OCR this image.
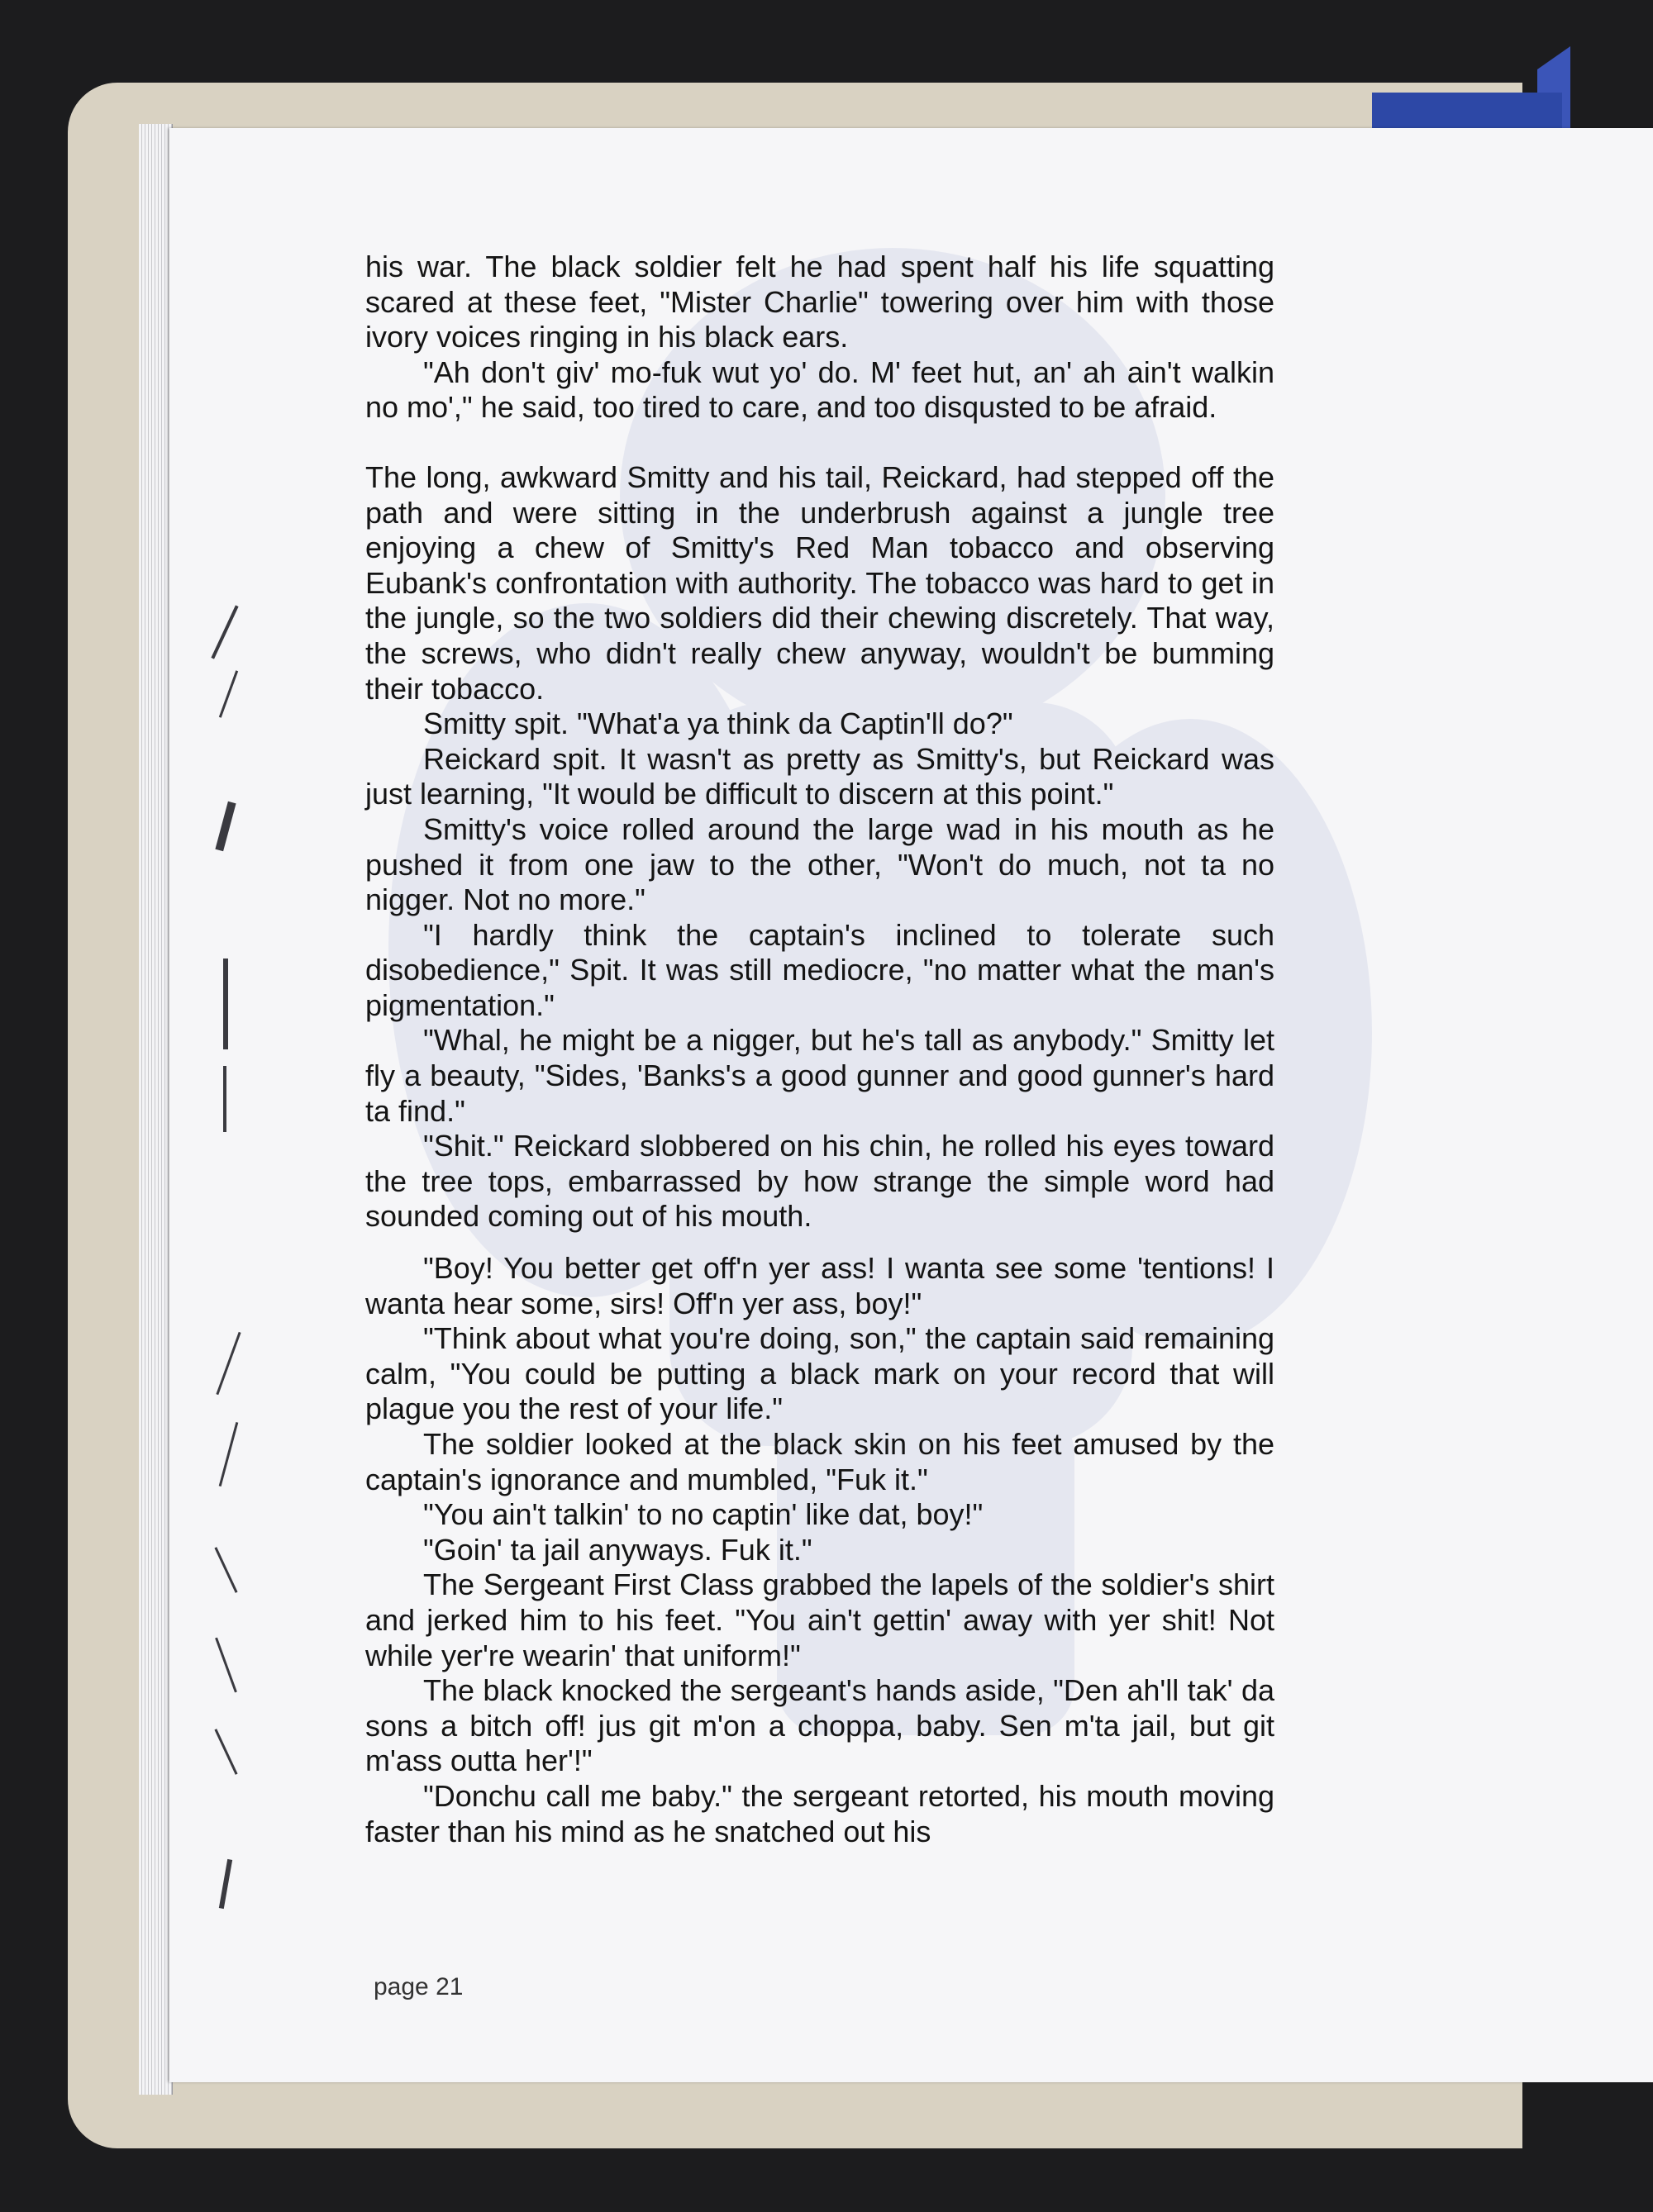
his war. The black soldier felt he had spent half his life squatting scared at these feet, "Mister Charlie" towering over him with those ivory voices ringing in his black ears.

"Ah don't giv' mo-fuk wut yo' do. M' feet hut, an' ah ain't walkin no mo'," he said, too tired to care, and too disqusted to be afraid.

The long, awkward Smitty and his tail, Reickard, had stepped off the path and were sitting in the underbrush against a jungle tree enjoying a chew of Smitty's Red Man tobacco and observing Eubank's confrontation with authority. The tobacco was hard to get in the jungle, so the two soldiers did their chewing discretely. That way, the screws, who didn't really chew anyway, wouldn't be bumming their tobacco.

Smitty spit. "What'a ya think da Captin'll do?"

Reickard spit. It wasn't as pretty as Smitty's, but Reickard was just learning, "It would be difficult to discern at this point."

Smitty's voice rolled around the large wad in his mouth as he pushed it from one jaw to the other, "Won't do much, not ta no nigger. Not no more."

"I hardly think the captain's inclined to tolerate such disobedience," Spit. It was still mediocre, "no matter what the man's pigmentation."

"Whal, he might be a nigger, but he's tall as anybody." Smitty let fly a beauty, "Sides, 'Banks's a good gunner and good gunner's hard ta find."

"Shit." Reickard slobbered on his chin, he rolled his eyes toward the tree tops, embarrassed by how strange the simple word had sounded coming out of his mouth.

"Boy! You better get off'n yer ass! I wanta see some 'tentions! I wanta hear some, sirs! Off'n yer ass, boy!"

"Think about what you're doing, son," the captain said remaining calm, "You could be putting a black mark on your record that will plague you the rest of your life."

The soldier looked at the black skin on his feet amused by the captain's ignorance and mumbled, "Fuk it."

"You ain't talkin' to no captin' like dat, boy!"

"Goin' ta jail anyways. Fuk it."

The Sergeant First Class grabbed the lapels of the soldier's shirt and jerked him to his feet. "You ain't gettin' away with yer shit! Not while yer're wearin' that uniform!"

The black knocked the sergeant's hands aside, "Den ah'll tak' da sons a bitch off! jus git m'on a choppa, baby. Sen m'ta jail, but git m'ass outta her'!"

"Donchu call me baby." the sergeant retorted, his mouth moving faster than his mind as he snatched out his

page 21
